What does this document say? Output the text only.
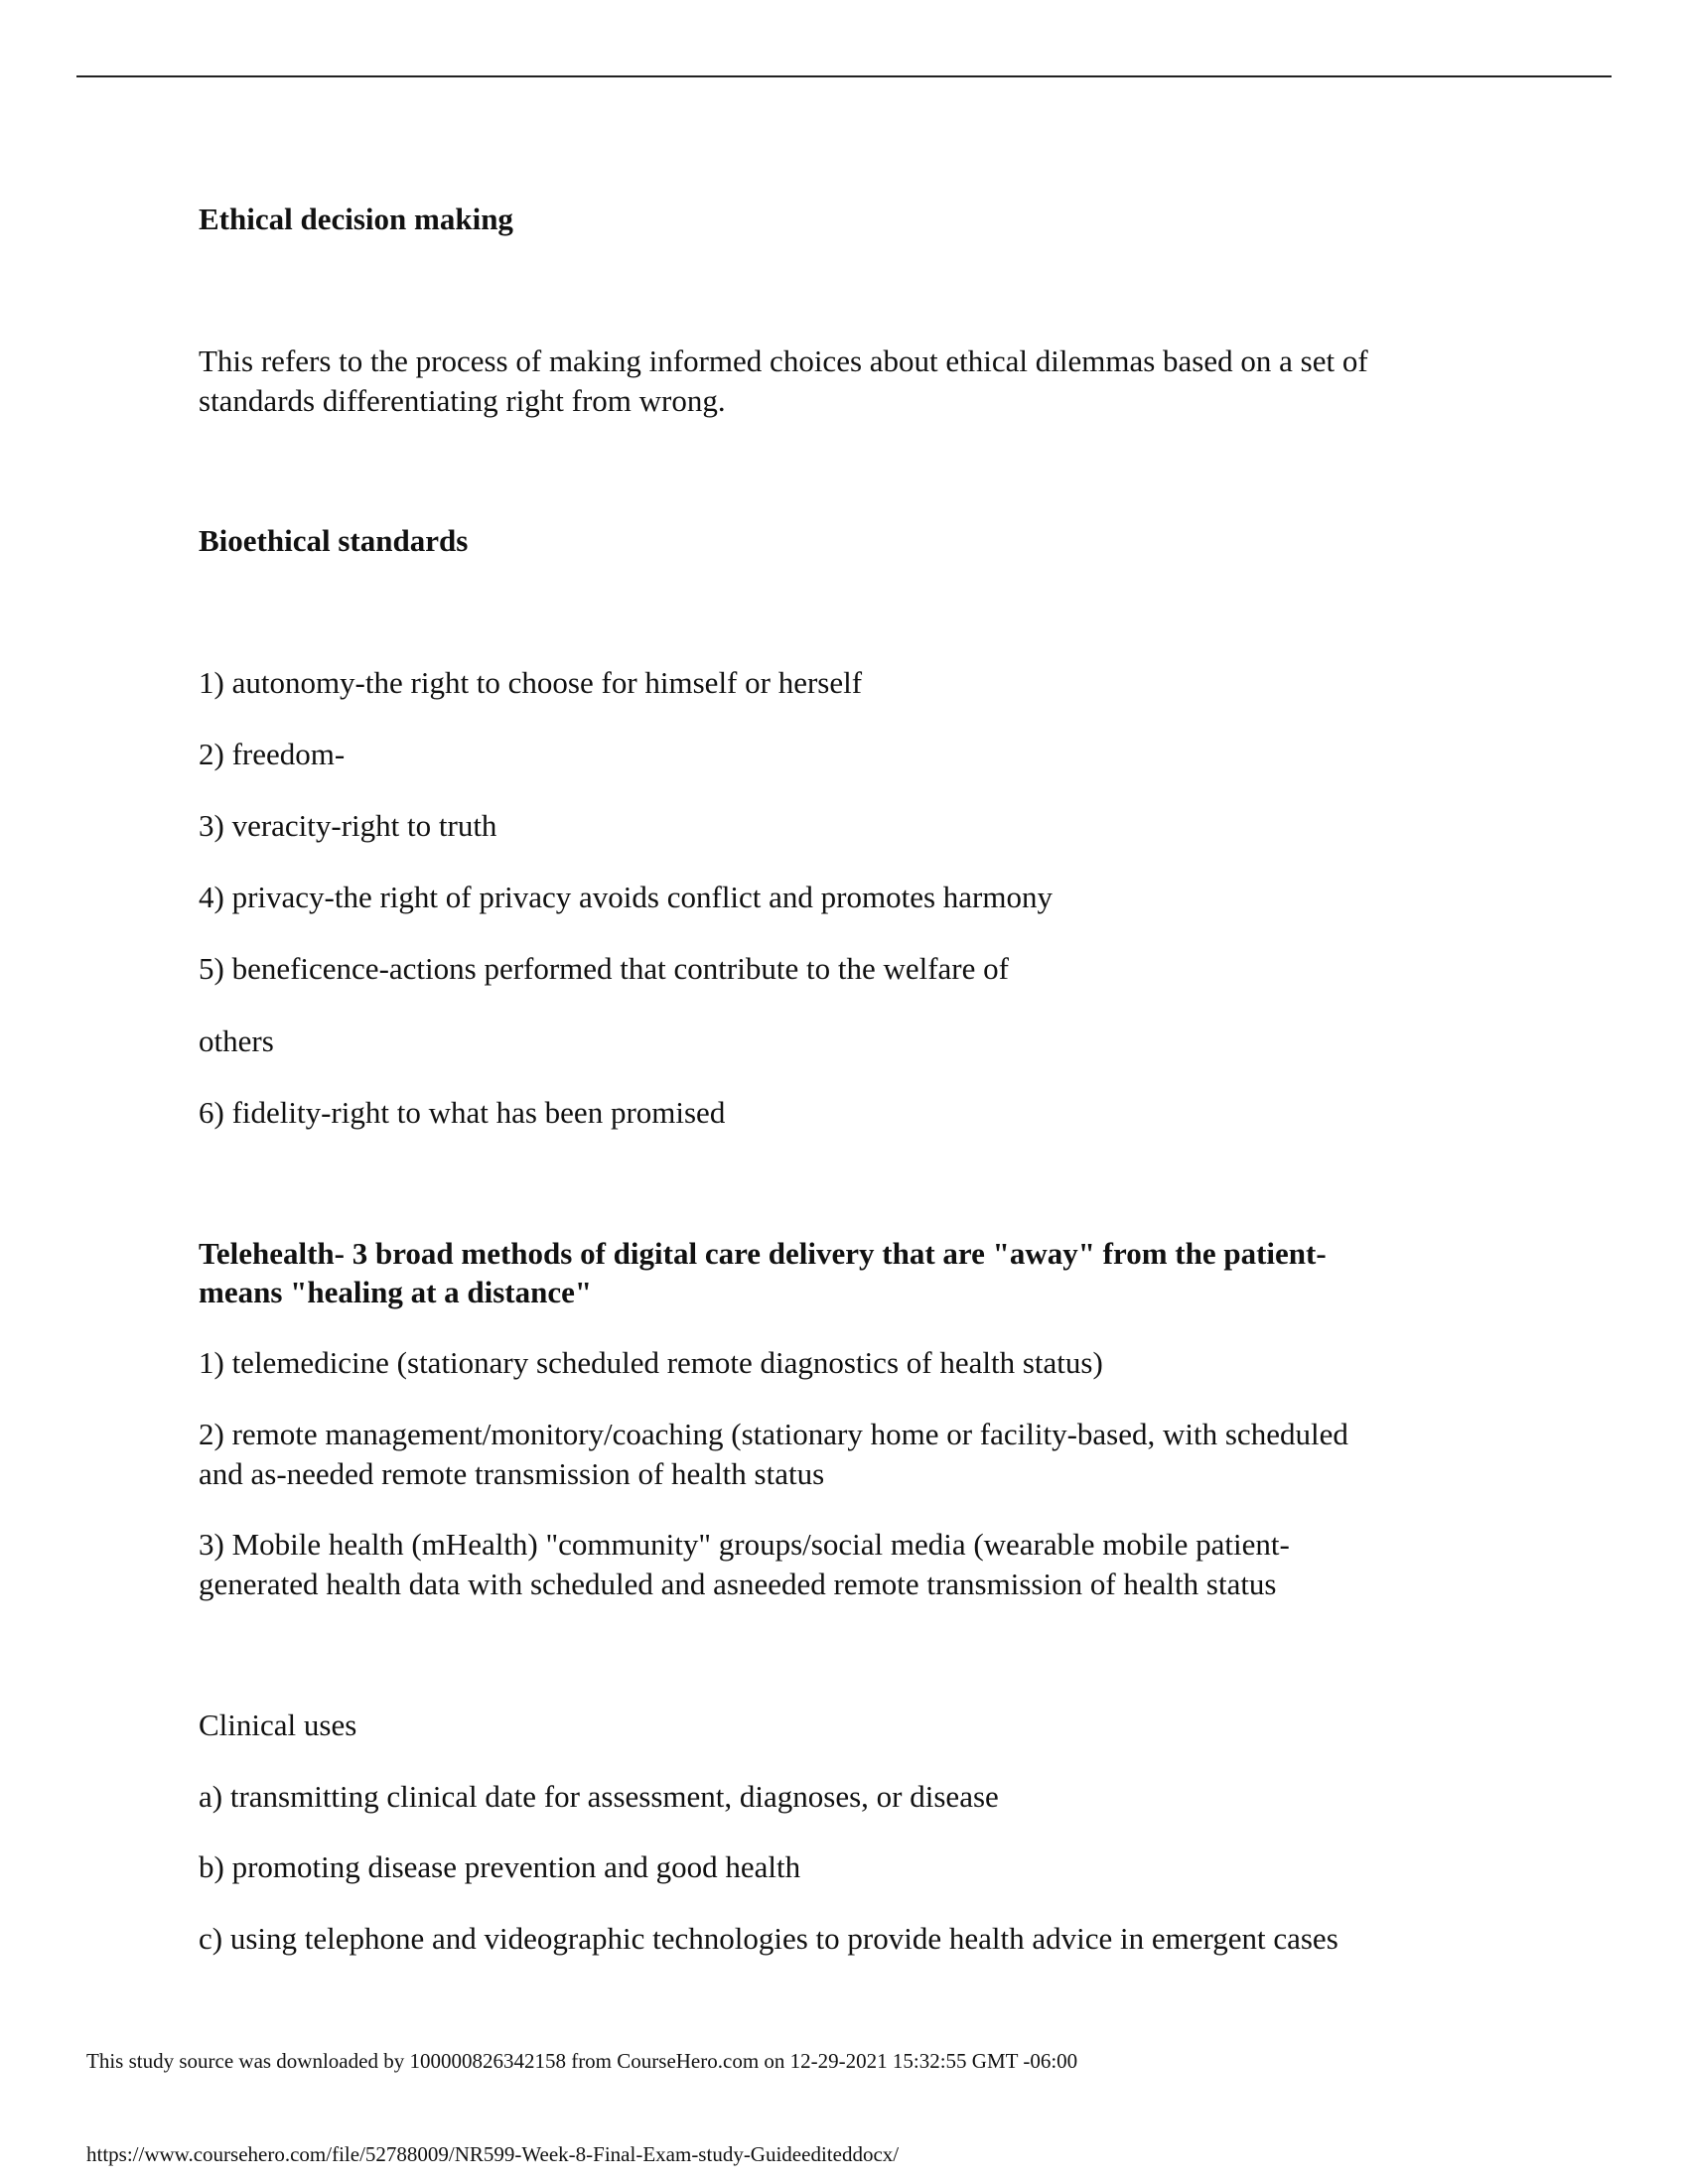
Ethical decision making

This refers to the process of making informed choices about ethical dilemmas based on a set of

standards differentiating right from wrong.

Bioethical standards

1) autonomy-the right to choose for himself or herself

2) freedom-

3) veracity-right to truth

4) privacy-the right of privacy avoids conflict and promotes harmony

5) beneficence-actions performed that contribute to the welfare of

others

6) fidelity-right to what has been promised

Telehealth- 3 broad methods of digital care delivery that are "away" from the patient-

means "healing at a distance"

1) telemedicine (stationary scheduled remote diagnostics of health status)

2) remote management/monitory/coaching (stationary home or facility-based, with scheduled

and as-needed remote transmission of health status

3) Mobile health (mHealth) "community" groups/social media (wearable mobile patient-

generated health data with scheduled and asneeded remote transmission of health status

Clinical uses

a) transmitting clinical date for assessment, diagnoses, or disease

b) promoting disease prevention and good health

c) using telephone and videographic technologies to provide health advice in emergent cases

This study source was downloaded by 100000826342158 from CourseHero.com on 12-29-2021 15:32:55 GMT -06:00
https://www.coursehero.com/file/52788009/NR599-Week-8-Final-Exam-study-Guideediteddocx/
